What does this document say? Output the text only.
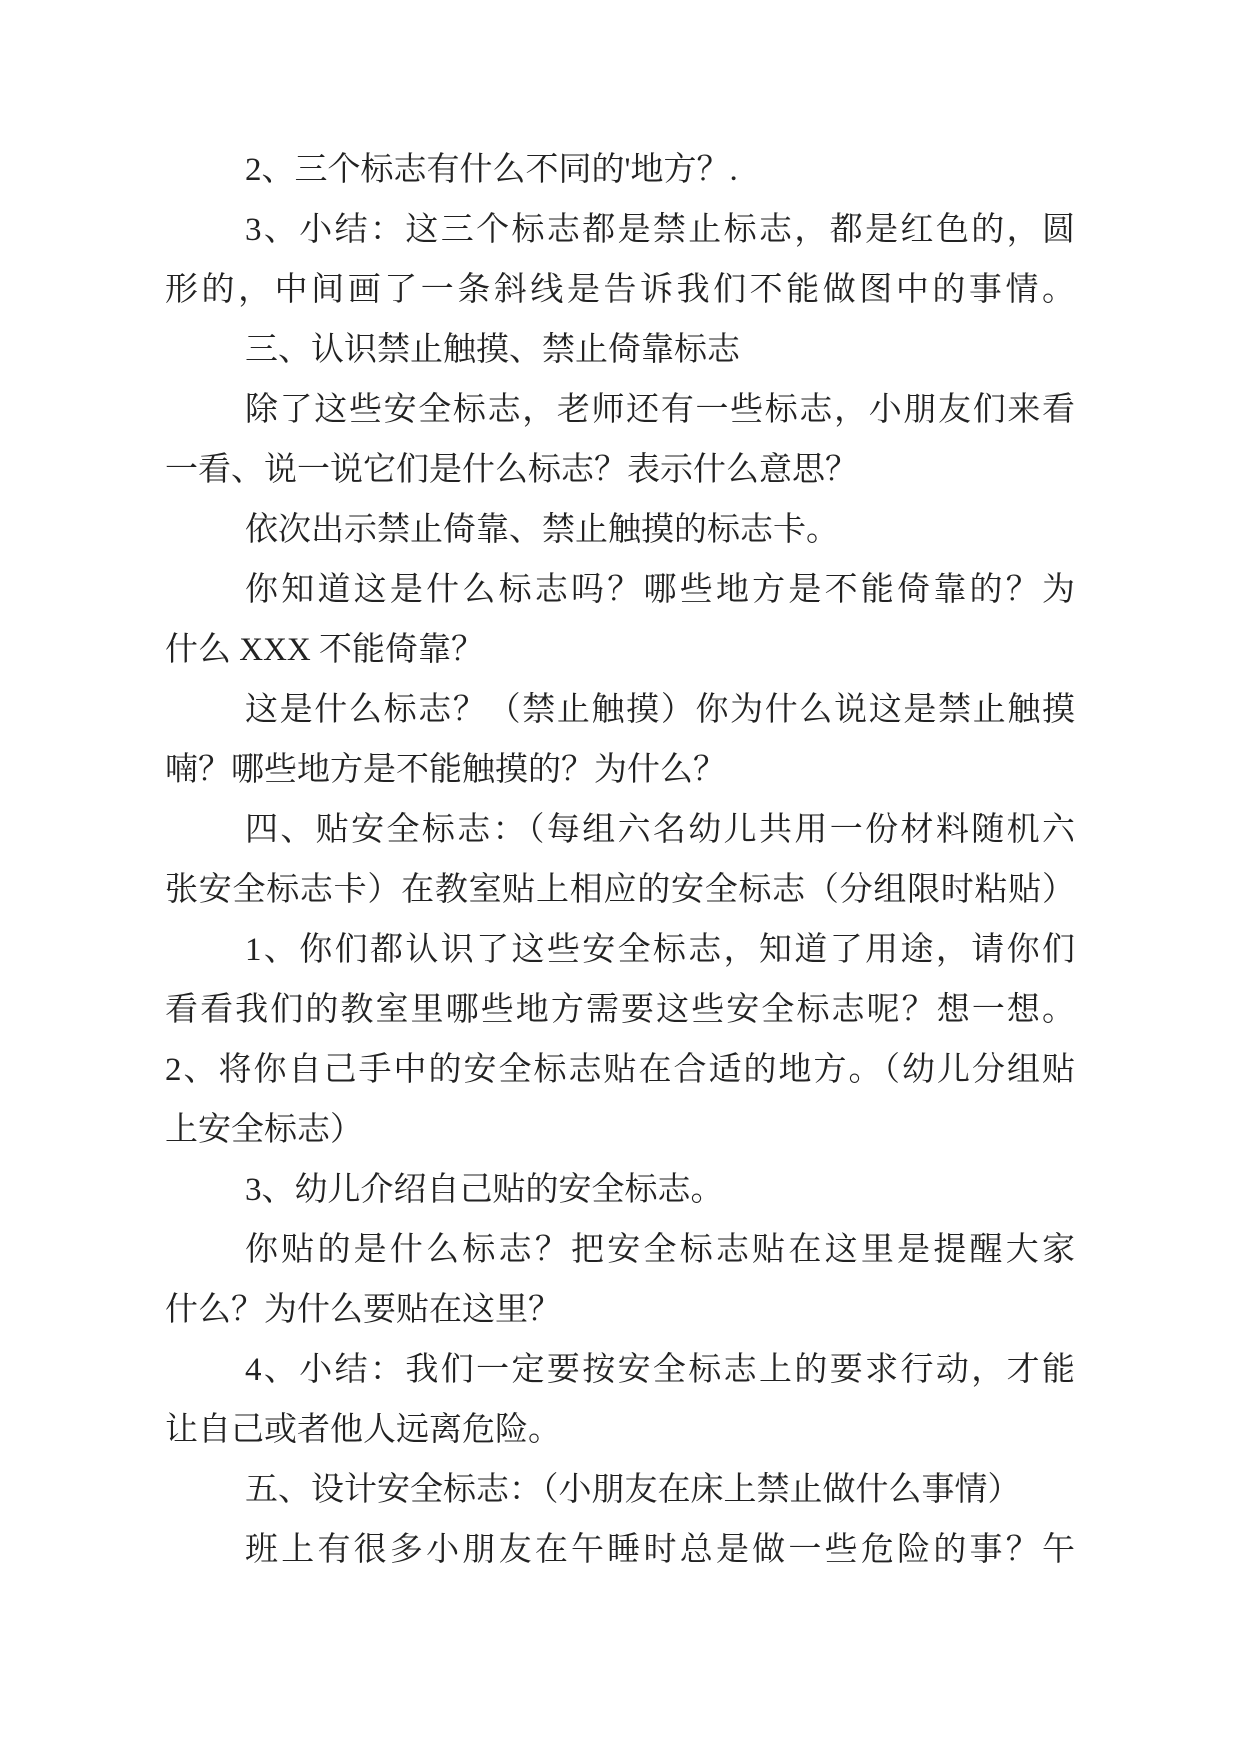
2、三个标志有什么不同的'地方？.
3、小结：这三个标志都是禁止标志，都是红色的，圆
形的，中间画了一条斜线是告诉我们不能做图中的事情。
三、认识禁止触摸、禁止倚靠标志
除了这些安全标志，老师还有一些标志，小朋友们来看
一看、说一说它们是什么标志？表示什么意思？
依次出示禁止倚靠、禁止触摸的标志卡。
你知道这是什么标志吗？哪些地方是不能倚靠的？为
什么 XXX 不能倚靠？
这是什么标志？（禁止触摸）你为什么说这是禁止触摸
喃？哪些地方是不能触摸的？为什么？
四、贴安全标志：（每组六名幼儿共用一份材料随机六
张安全标志卡）在教室贴上相应的安全标志（分组限时粘贴）
1、你们都认识了这些安全标志，知道了用途，请你们
看看我们的教室里哪些地方需要这些安全标志呢？想一想。
2、将你自己手中的安全标志贴在合适的地方。（幼儿分组贴
上安全标志）
3、幼儿介绍自己贴的安全标志。
你贴的是什么标志？把安全标志贴在这里是提醒大家
什么？为什么要贴在这里？
4、小结：我们一定要按安全标志上的要求行动，才能
让自己或者他人远离危险。
五、设计安全标志：（小朋友在床上禁止做什么事情）
班上有很多小朋友在午睡时总是做一些危险的事？午
